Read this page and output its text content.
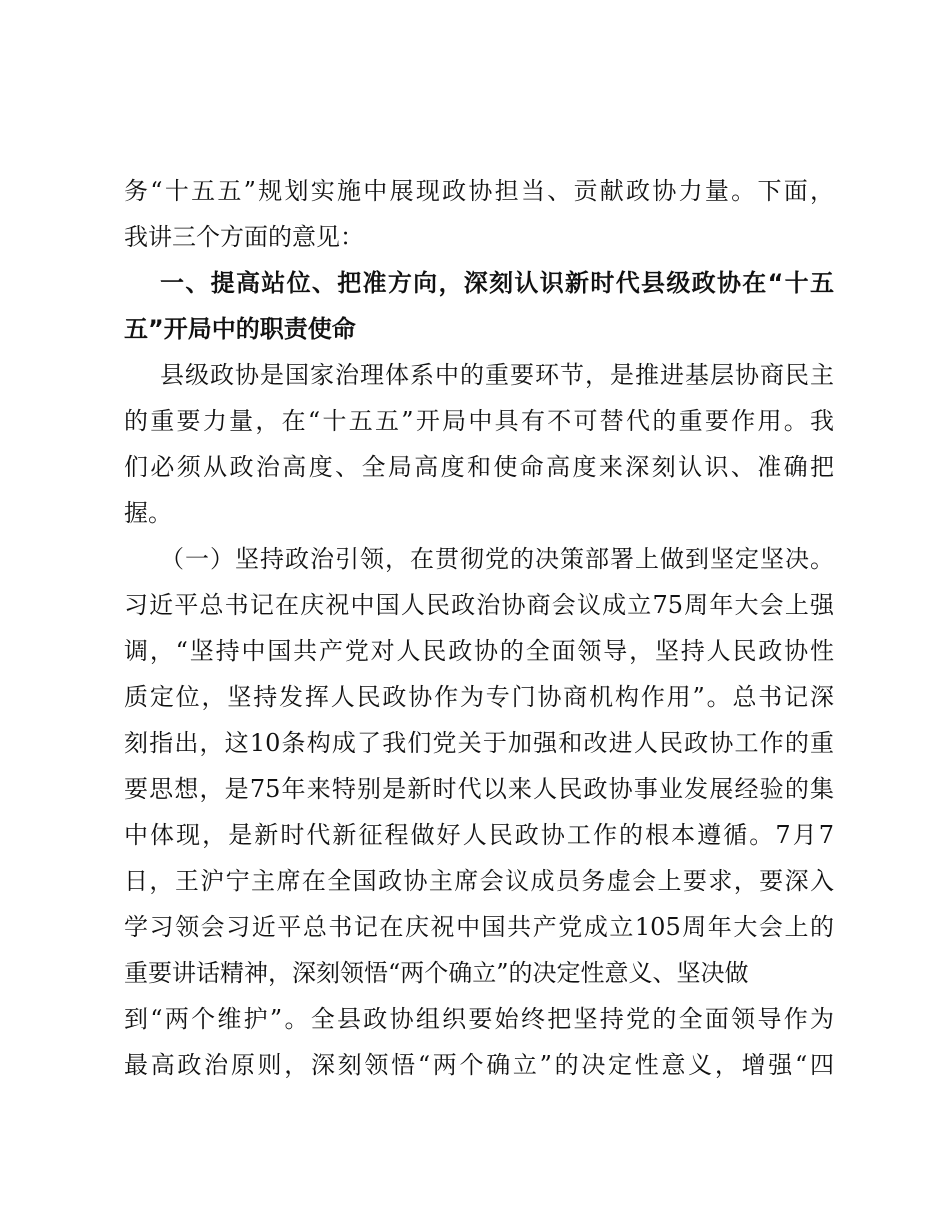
务“十五五”规划实施中展现政协担当、贡献政协力量。下面，
我讲三个方面的意见：
一、提高站位、把准方向，深刻认识新时代县级政协在“十五
五”开局中的职责使命
县级政协是国家治理体系中的重要环节，是推进基层协商民主
的重要力量，在“十五五”开局中具有不可替代的重要作用。我
们必须从政治高度、全局高度和使命高度来深刻认识、准确把
握。
（一）坚持政治引领，在贯彻党的决策部署上做到坚定坚决。
习近平总书记在庆祝中国人民政治协商会议成立75周年大会上强
调，“坚持中国共产党对人民政协的全面领导，坚持人民政协性
质定位，坚持发挥人民政协作为专门协商机构作用”。总书记深
刻指出，这10条构成了我们党关于加强和改进人民政协工作的重
要思想，是75年来特别是新时代以来人民政协事业发展经验的集
中体现，是新时代新征程做好人民政协工作的根本遵循。7月7
日，王沪宁主席在全国政协主席会议成员务虚会上要求，要深入
学习领会习近平总书记在庆祝中国共产党成立105周年大会上的
重要讲话精神，深刻领悟“两个确立”的决定性意义、坚决做
到“两个维护”。全县政协组织要始终把坚持党的全面领导作为
最高政治原则，深刻领悟“两个确立”的决定性意义，增强“四
